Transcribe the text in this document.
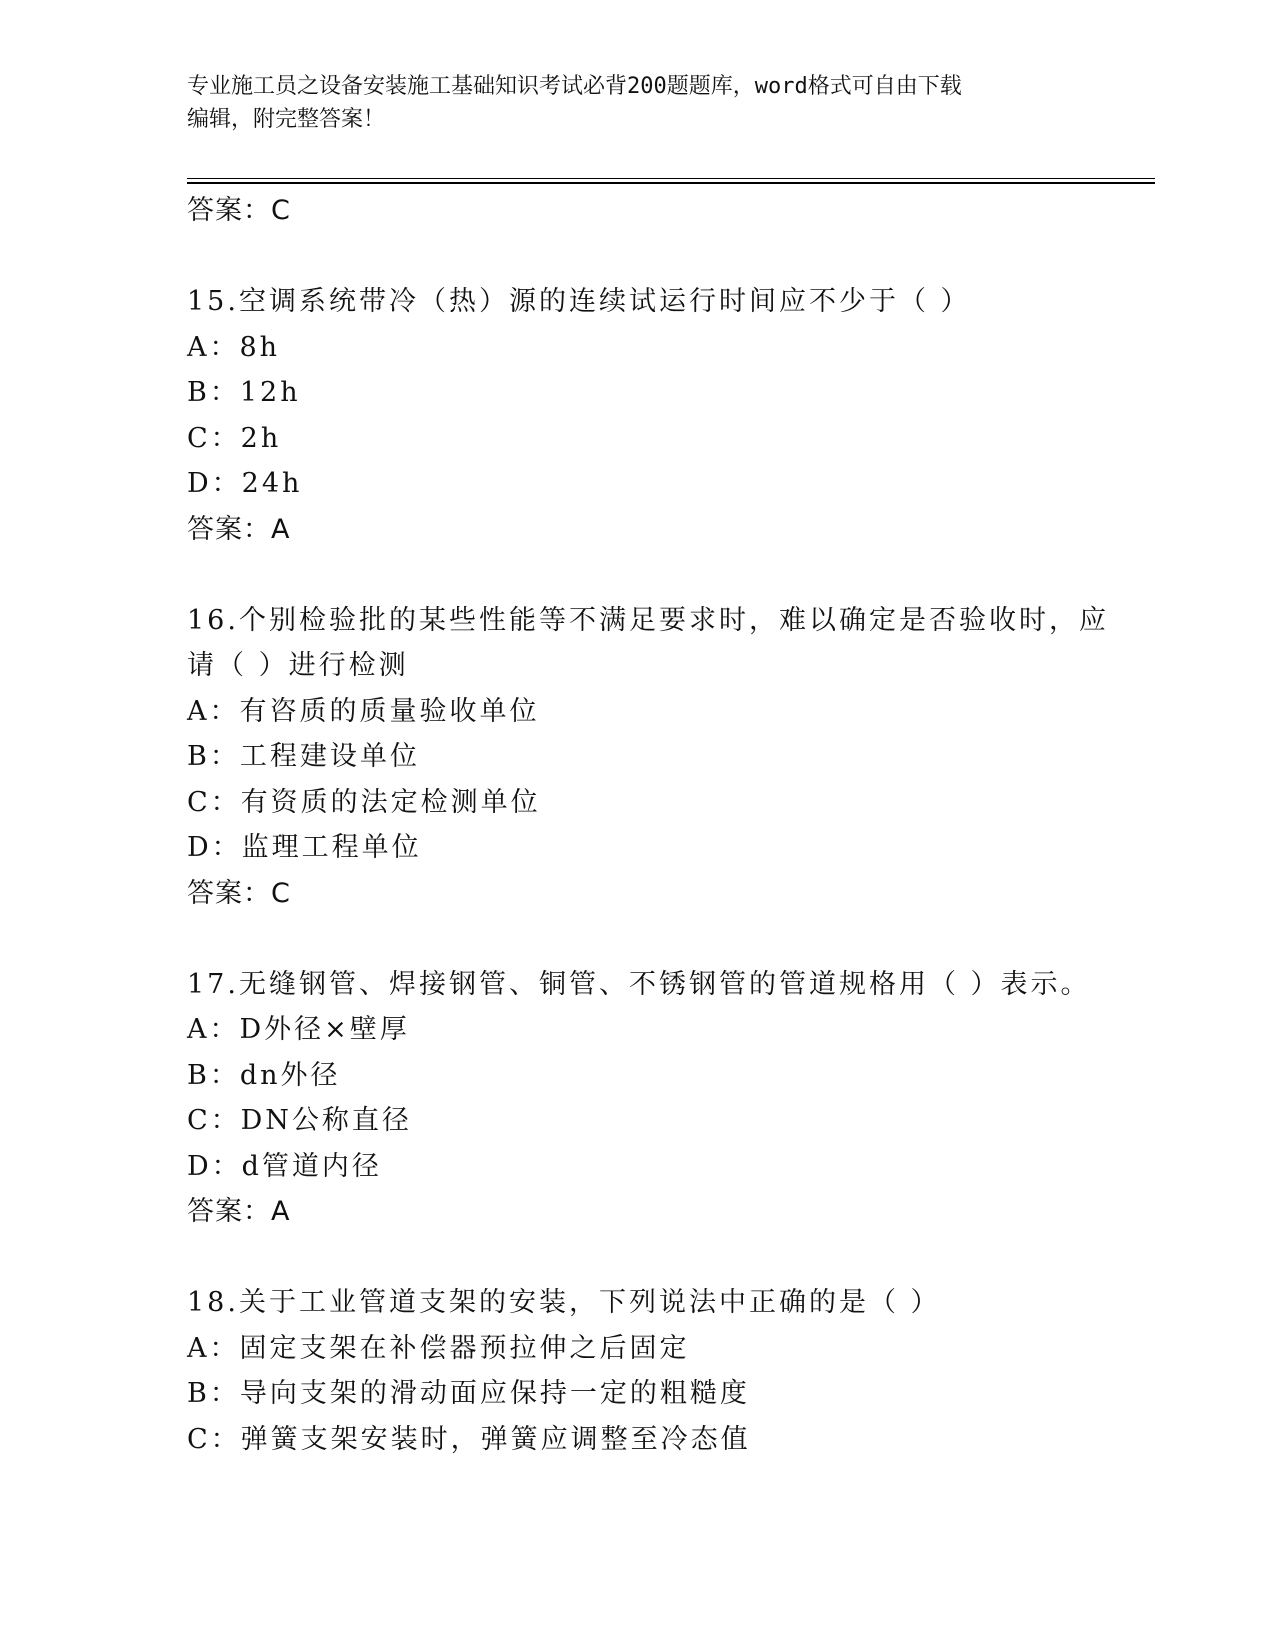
专业施工员之设备安装施工基础知识考试必背200题题库，word格式可自由下载
编辑，附完整答案！
答案：C
15.空调系统带冷（热）源的连续试运行时间应不少于（ ）
A：8h
B：12h
C：2h
D：24h
答案：A
16.个别检验批的某些性能等不满足要求时，难以确定是否验收时，应
请（ ）进行检测
A：有咨质的质量验收单位
B：工程建设单位
C：有资质的法定检测单位
D：监理工程单位
答案：C
17.无缝钢管、焊接钢管、铜管、不锈钢管的管道规格用（ ）表示。
A：D外径×壁厚
B：dn外径
C：DN公称直径
D：d管道内径
答案：A
18.关于工业管道支架的安装，下列说法中正确的是（ ）
A：固定支架在补偿器预拉伸之后固定
B：导向支架的滑动面应保持一定的粗糙度
C：弹簧支架安装时，弹簧应调整至冷态值
